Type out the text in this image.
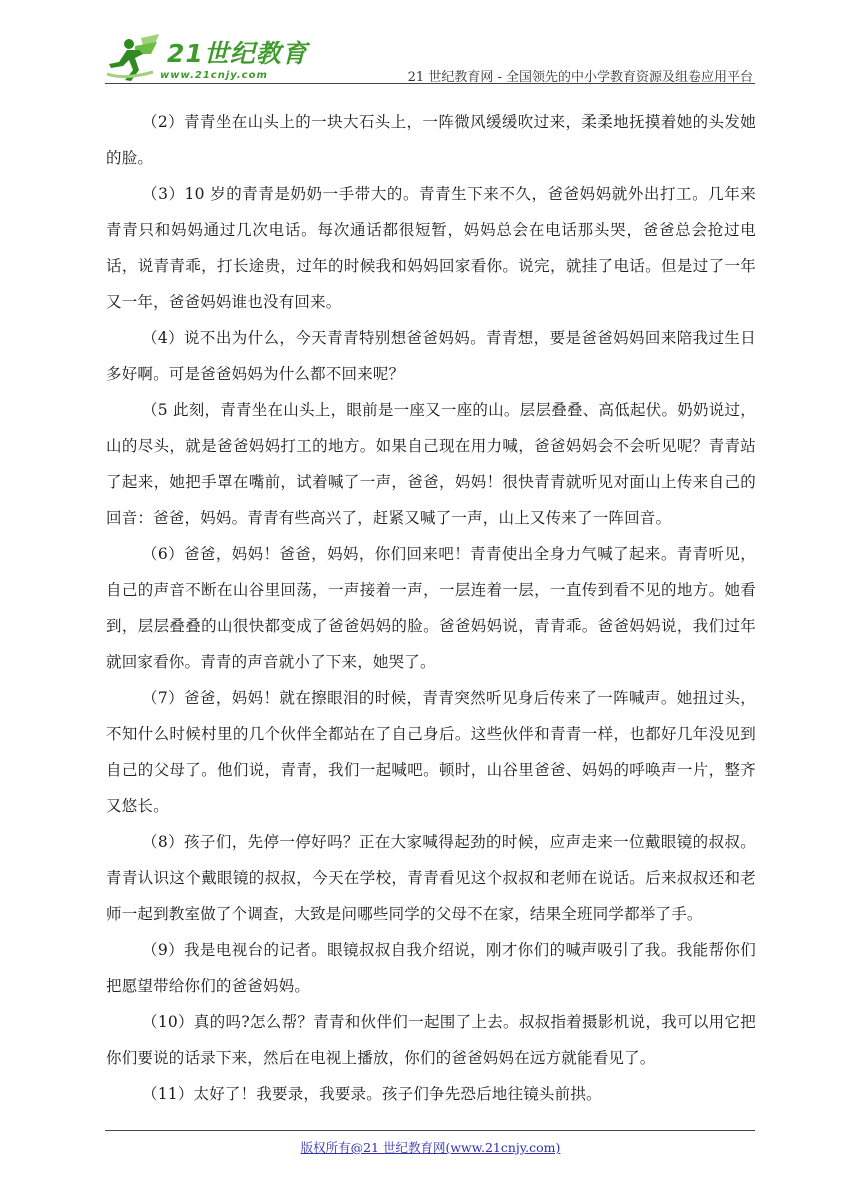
21世纪教育
www.21cnjy.com	21 世纪教育网 - 全国领先的中小学教育资源及组卷应用平台

（2）青青坐在山头上的一块大石头上，一阵微风缓缓吹过来，柔柔地抚摸着她的头发她的脸。

（3）10 岁的青青是奶奶一手带大的。青青生下来不久，爸爸妈妈就外出打工。几年来青青只和妈妈通过几次电话。每次通话都很短暂，妈妈总会在电话那头哭，爸爸总会抢过电话，说青青乖，打长途贵，过年的时候我和妈妈回家看你。说完，就挂了电话。但是过了一年又一年，爸爸妈妈谁也没有回来。

（4）说不出为什么，今天青青特别想爸爸妈妈。青青想，要是爸爸妈妈回来陪我过生日多好啊。可是爸爸妈妈为什么都不回来呢？

（5 此刻，青青坐在山头上，眼前是一座又一座的山。层层叠叠、高低起伏。奶奶说过，山的尽头，就是爸爸妈妈打工的地方。如果自己现在用力喊，爸爸妈妈会不会听见呢？青青站了起来，她把手罩在嘴前，试着喊了一声，爸爸，妈妈！很快青青就听见对面山上传来自己的回音：爸爸，妈妈。青青有些高兴了，赶紧又喊了一声，山上又传来了一阵回音。

（6）爸爸，妈妈！爸爸，妈妈，你们回来吧！青青使出全身力气喊了起来。青青听见，自己的声音不断在山谷里回荡，一声接着一声，一层连着一层，一直传到看不见的地方。她看到，层层叠叠的山很快都变成了爸爸妈妈的脸。爸爸妈妈说，青青乖。爸爸妈妈说，我们过年就回家看你。青青的声音就小了下来，她哭了。

（7）爸爸，妈妈！就在擦眼泪的时候，青青突然听见身后传来了一阵喊声。她扭过头，不知什么时候村里的几个伙伴全都站在了自己身后。这些伙伴和青青一样，也都好几年没见到自己的父母了。他们说，青青，我们一起喊吧。顿时，山谷里爸爸、妈妈的呼唤声一片，整齐又悠长。

（8）孩子们，先停一停好吗？正在大家喊得起劲的时候，应声走来一位戴眼镜的叔叔。青青认识这个戴眼镜的叔叔，今天在学校，青青看见这个叔叔和老师在说话。后来叔叔还和老师一起到教室做了个调查，大致是问哪些同学的父母不在家，结果全班同学都举了手。

（9）我是电视台的记者。眼镜叔叔自我介绍说，刚才你们的喊声吸引了我。我能帮你们把愿望带给你们的爸爸妈妈。

（10）真的吗?怎么帮？青青和伙伴们一起围了上去。叔叔指着摄影机说，我可以用它把你们要说的话录下来，然后在电视上播放，你们的爸爸妈妈在远方就能看见了。

（11）太好了！我要录，我要录。孩子们争先恐后地往镜头前拱。

版权所有@21 世纪教育网(www.21cnjy.com)
